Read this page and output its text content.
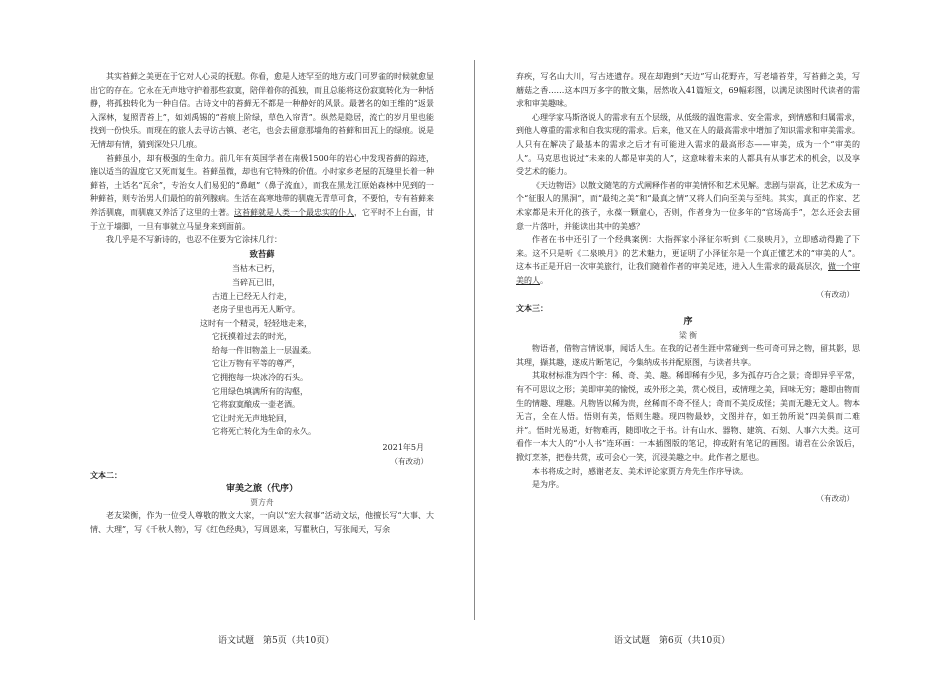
其实苔藓之美更在于它对人心灵的抚慰。你看，愈是人迹罕至的地方或门可罗雀的时候就愈显出它的存在。它永在无声地守护着那些寂寞，陪伴着你的孤独，而且总能将这份寂寞转化为一种恬静，将孤独转化为一种自信。古诗文中的苔藓无不都是一种静好的风景。最著名的如王维的“返景入深林，复照青苔上”，如刘禹锡的“苔痕上阶绿，草色入帘青”。纵然是隐居，流亡的岁月里也能找到一份快乐。而现在的旅人去寻访古镇、老宅，也会去留意那墙角的苔藓和田瓦上的绿痕。说是无情却有情，猜到深处只几痕。

苔藓虽小，却有极强的生命力。前几年有英国学者在南极1500年的岩心中发现苔藓的踪迹，施以适当的温度它又死而复生。苔藓虽微，却也有它特殊的价值。小时家乡老屋的瓦缝里长着一种藓苔，土话名“瓦余”，专治女人们易犯的“鼻衄”（鼻子流血），而我在黑龙江原始森林中见到的一种藓苔，则专治男人们最怕的前列腺病。生活在高寒地带的驯鹿无青草可食，不要怕，专有苔藓来养活驯鹿，而驯鹿又养活了这里的土著。这苔藓就是人类一个最忠实的仆人，它平时不上台面，甘于立于墙脚，一旦有事就立马显身来到面前。

我几乎是不写新诗的，也忍不住要为它涂抹几行：

致苔藓

当枯木已朽，

当碎瓦已旧，

古道上已经无人行走，

老房子里也再无人断守。

这时有一个精灵，轻轻地走来，

它抚摸着过去的时光，

给每一件旧物盖上一层温柔。

它让万物有平等的尊严，

它拥抱每一块冰冷的石头。

它用绿色填满所有的沟壑，

它将寂寞酿成一壶老酒。

它让时光无声地轮回，

它将死亡转化为生命的永久。

2021年5月
（有改动）
文本二：
审美之旅（代序）
贾方舟

老友梁衡，作为一位受人尊敬的散文大家，一向以“宏大叙事”活动文坛，他擅长写“大事、大情、大理”，写《千秋人物》，写《红色经典》，写周恩来，写瞿秋白，写张闻天，写余

弃疾，写名山大川，写古迹遗存。现在却跑到“天边”写山花野卉，写老墙苔芽，写苔藓之美，写蘑菇之香……这本四万多字的散文集，居然收入41篇短文，69幅彩图，以满足读图时代读者的需求和审美趣味。

心理学家马斯洛说人的需求有五个层级，从低级的温饱需求、安全需求，到情感和归属需求，到他人尊重的需求和自我实现的需求。后来，他又在人的最高需求中增加了知识需求和审美需求。人只有在解决了最基本的需求之后才有可能进入需求的最高形态——审美，成为一个“审美的人”。马克思也说过“未来的人都是审美的人”，这意味着未来的人都具有从事艺术的机会，以及享受艺术的能力。

《天边物语》以散文随笔的方式阐释作者的审美情怀和艺术见解。悲剧与崇高，让艺术成为一个“征服人的黑洞”，而“最纯之美”和“最真之情”又将人们向至美与至纯。其实，真正的作家、艺术家都是未开化的孩子，永葆一颗童心，否则，作者身为一位多年的“官场高手”，怎么还会去留意一片落叶，并能读出其中的美感？

作者在书中还引了一个经典案例：大指挥家小泽征尔听到《二泉映月》，立即感动得跪了下来。这不只是听《二泉映月》的艺术魅力，更证明了小泽征尔是一个真正懂艺术的“审美的人”。这本书正是开启一次审美旅行，让我们随着作者的审美足迹，进入人生需求的最高层次，做一个审美的人。

（有改动）
文本三：
序
梁 衡

物语者，借物言情说事，闻话人生。在我的记者生涯中常碰到一些可奇可异之物，留其影，思其理，撷其趣，遂成片断笔记，今集纳成书并配原图，与读者共享。

其取材标准为四个字：稀、奇、美、趣。稀即稀有少见，多为孤存巧合之景；奇即异乎平常，有不可思议之形；美即审美的愉悦，或外形之美，赏心悦目，或情理之美，回味无穷；趣即由物而生的情趣、理趣。凡物皆以稀为贵，丝稀而不奇不怪人；奇而不美反成怪；美而无趣无文人。物本无言，全在人悟。悟则有美，悟则生趣。现四物最妙，文图并存，如王勃所说“四美俱而二难并”。悟时光易逝，好物难再，随即收之于书。计有山水、器物、建筑、石刻、人事六大类。这可看作一本大人的“小人书”连环画：一本插图版的笔记，抑或附有笔记的画图。请君在公余饭后，掀灯烹茶，把卷共赏，或可会心一笑，沉浸美趣之中。此作者之愿也。

本书将成之时，感谢老友、美术评论家贾方舟先生作序导读。

是为序。

（有改动）
语文试题　第5页（共10页）	语文试题　第6页（共10页）
